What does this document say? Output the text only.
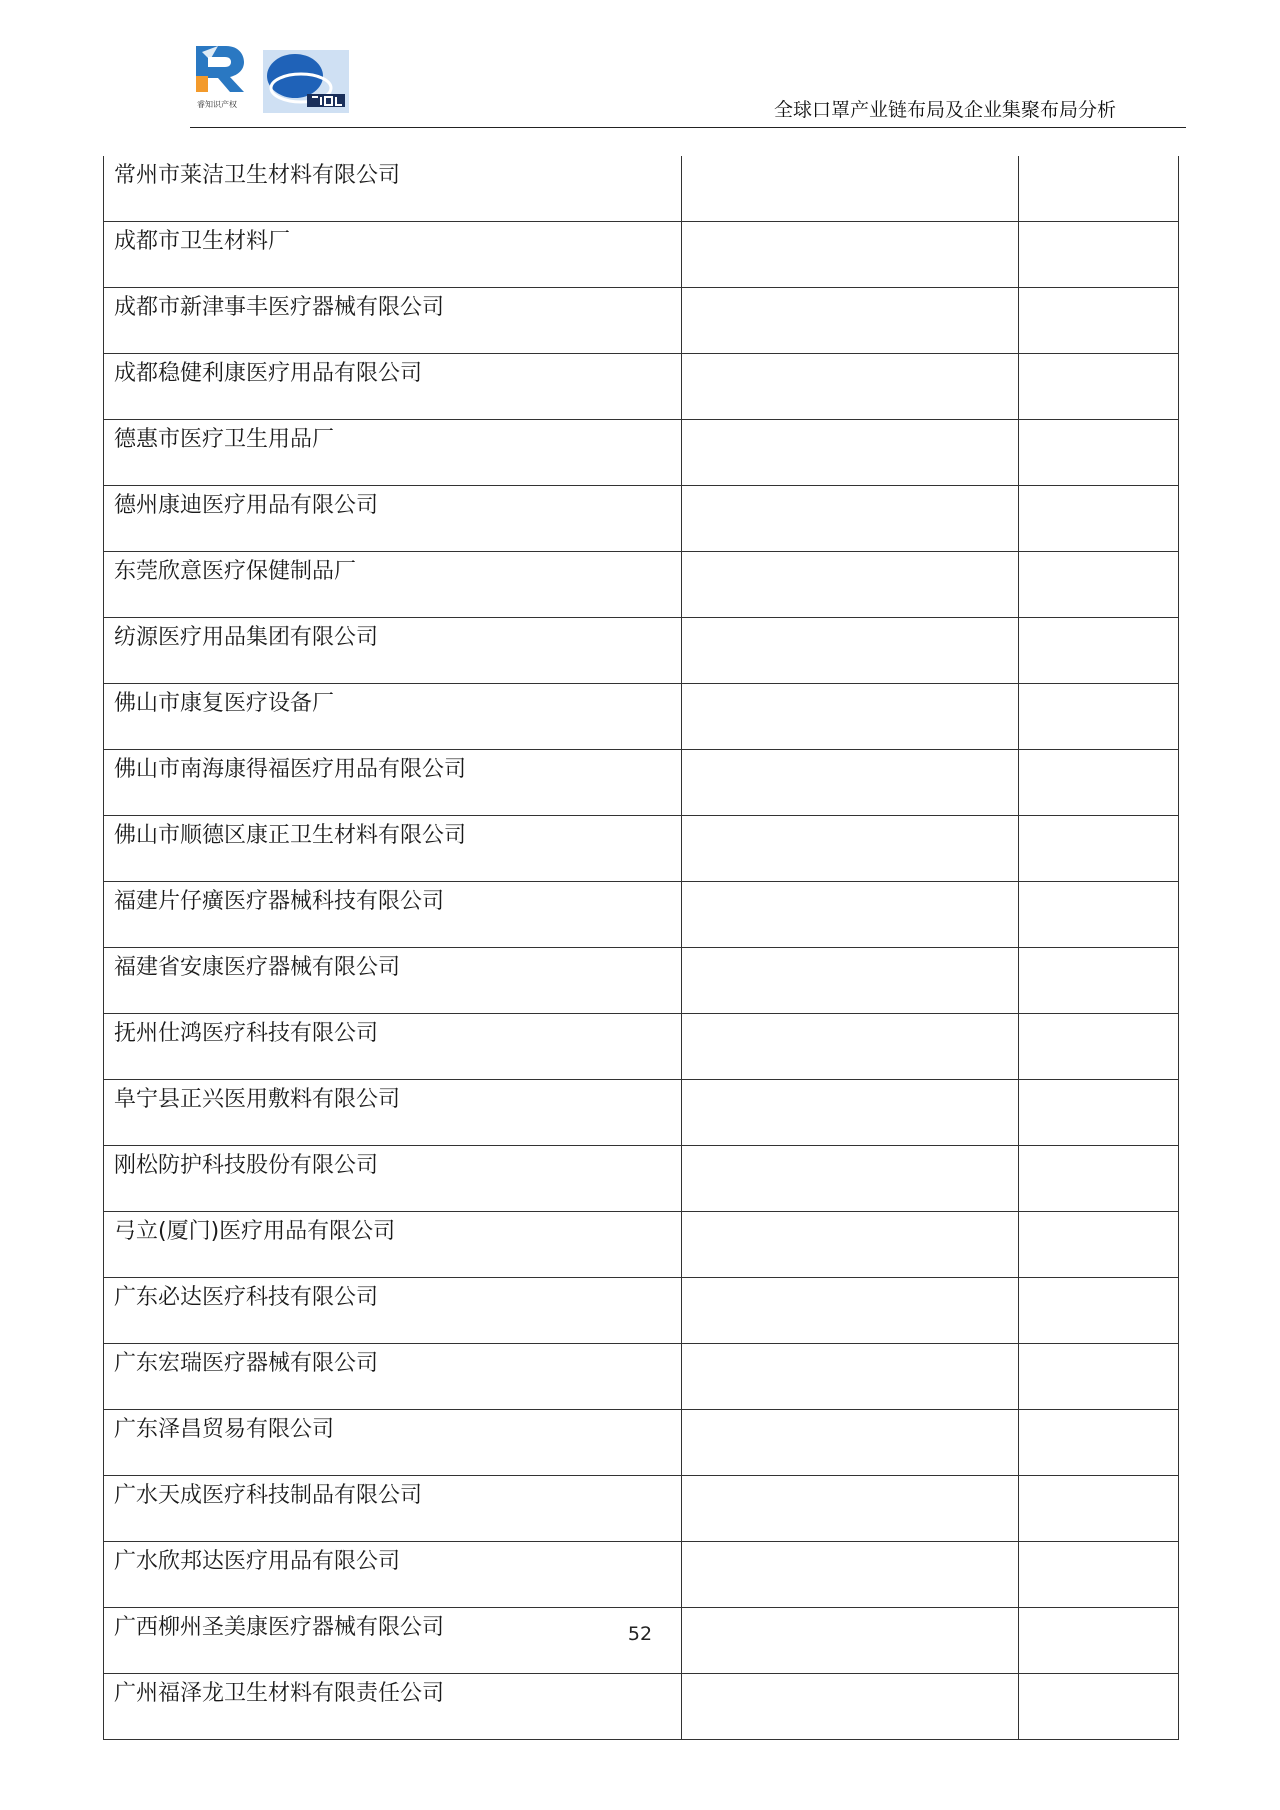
睿知识产权	全球口罩产业链布局及企业集聚布局分析
常州市莱洁卫生材料有限公司		
成都市卫生材料厂		
成都市新津事丰医疗器械有限公司		
成都稳健利康医疗用品有限公司		
德惠市医疗卫生用品厂		
德州康迪医疗用品有限公司		
东莞欣意医疗保健制品厂		
纺源医疗用品集团有限公司		
佛山市康复医疗设备厂		
佛山市南海康得福医疗用品有限公司		
佛山市顺德区康正卫生材料有限公司		
福建片仔癀医疗器械科技有限公司		
福建省安康医疗器械有限公司		
抚州仕鸿医疗科技有限公司		
阜宁县正兴医用敷料有限公司		
刚松防护科技股份有限公司		
弓立(厦门)医疗用品有限公司		
广东必达医疗科技有限公司		
广东宏瑞医疗器械有限公司		
广东泽昌贸易有限公司		
广水天成医疗科技制品有限公司		
广水欣邦达医疗用品有限公司		
广西柳州圣美康医疗器械有限公司		
广州福泽龙卫生材料有限责任公司		
52
